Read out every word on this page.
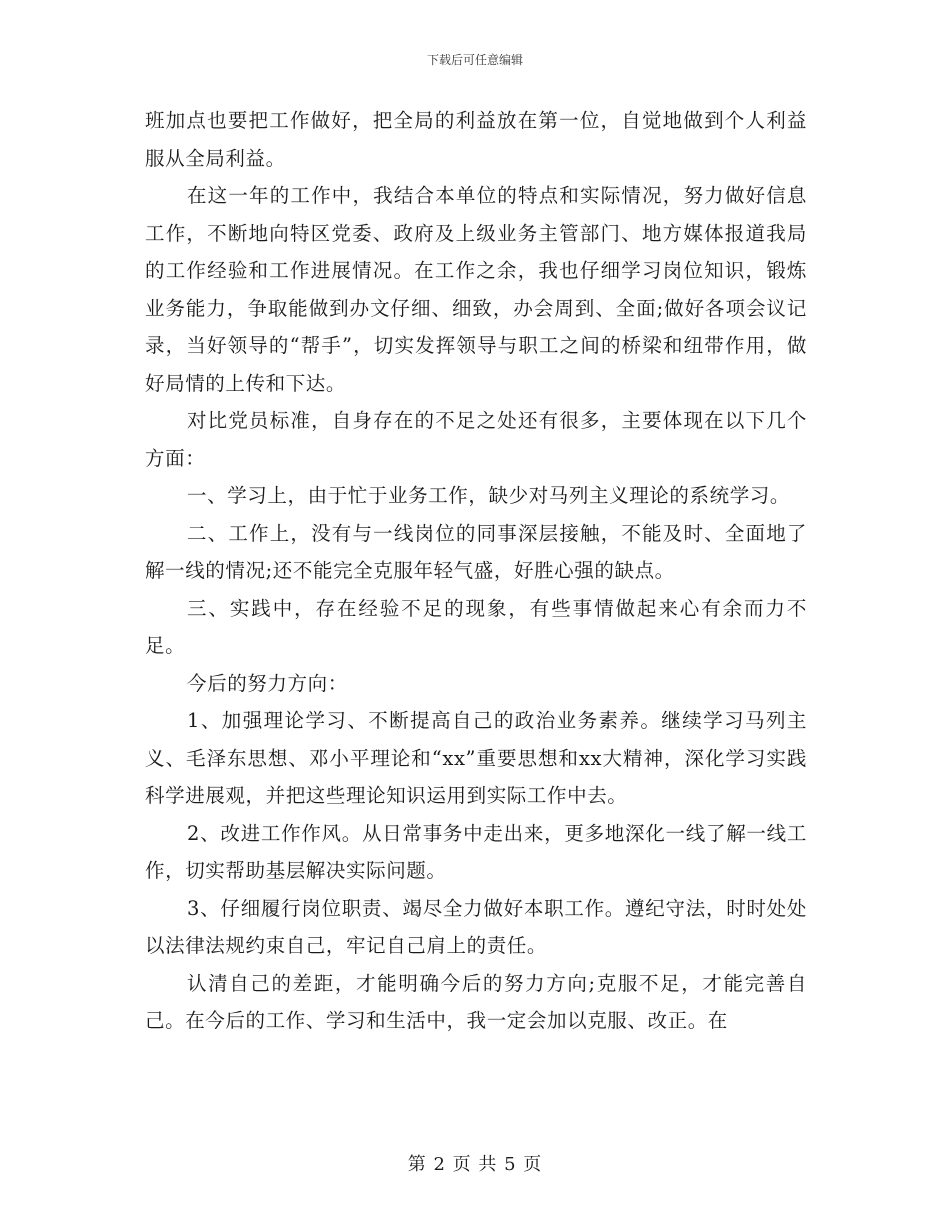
下载后可任意编辑

班加点也要把工作做好，把全局的利益放在第一位，自觉地做到个人利益服从全局利益。

在这一年的工作中，我结合本单位的特点和实际情况，努力做好信息工作，不断地向特区党委、政府及上级业务主管部门、地方媒体报道我局的工作经验和工作进展情况。在工作之余，我也仔细学习岗位知识，锻炼业务能力，争取能做到办文仔细、细致，办会周到、全面;做好各项会议记录，当好领导的“帮手”，切实发挥领导与职工之间的桥梁和纽带作用，做好局情的上传和下达。

对比党员标准，自身存在的不足之处还有很多，主要体现在以下几个方面：

一、学习上，由于忙于业务工作，缺少对马列主义理论的系统学习。

二、工作上，没有与一线岗位的同事深层接触，不能及时、全面地了解一线的情况;还不能完全克服年轻气盛，好胜心强的缺点。

三、实践中，存在经验不足的现象，有些事情做起来心有余而力不足。

今后的努力方向：

1、加强理论学习、不断提高自己的政治业务素养。继续学习马列主义、毛泽东思想、邓小平理论和“xx”重要思想和xx大精神，深化学习实践科学进展观，并把这些理论知识运用到实际工作中去。

2、改进工作作风。从日常事务中走出来，更多地深化一线了解一线工作，切实帮助基层解决实际问题。

3、仔细履行岗位职责、竭尽全力做好本职工作。遵纪守法，时时处处以法律法规约束自己，牢记自己肩上的责任。

认清自己的差距，才能明确今后的努力方向;克服不足，才能完善自己。在今后的工作、学习和生活中，我一定会加以克服、改正。在

第 2 页 共 5 页
